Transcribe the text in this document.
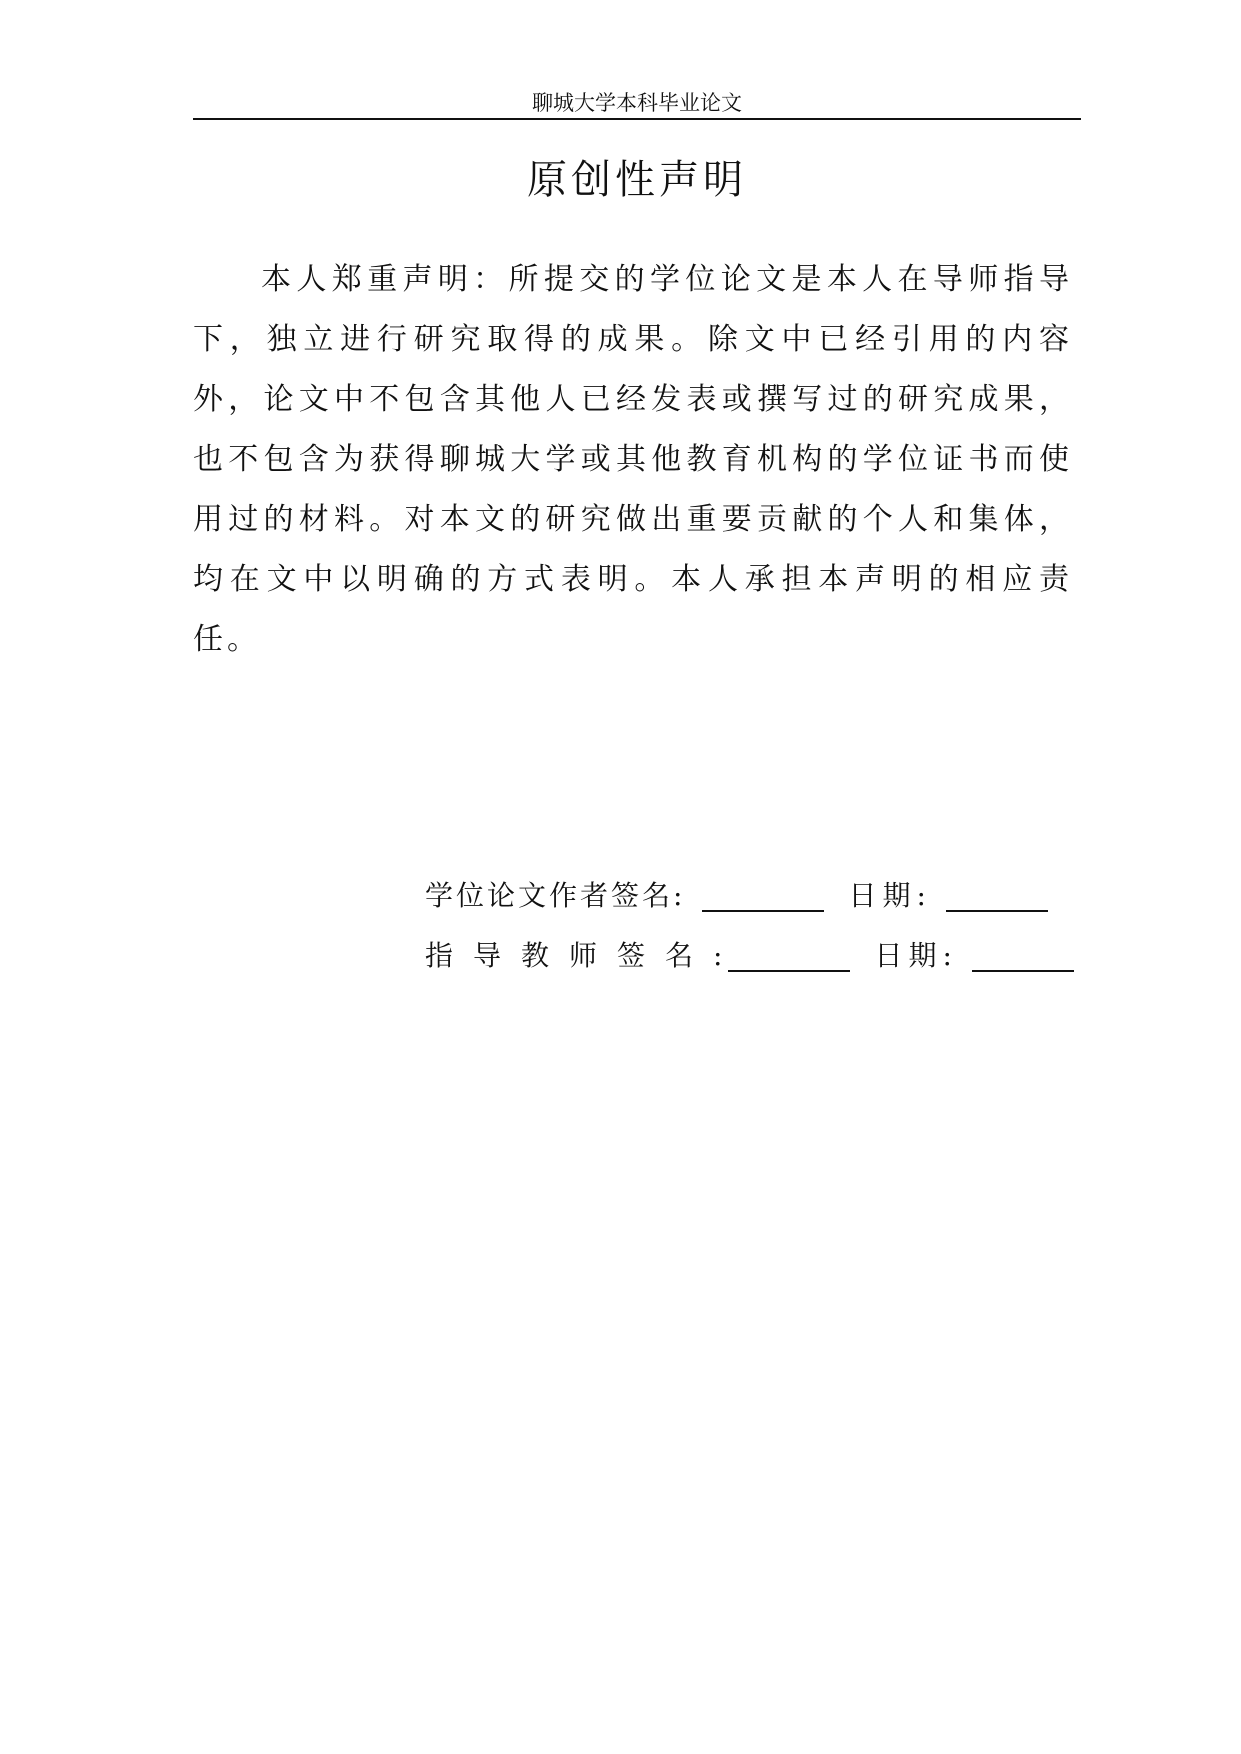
聊城大学本科毕业论文
原创性声明

本人郑重声明：所提交的学位论文是本人在导师指导下，独立进行研究取得的成果。除文中已经引用的内容外，论文中不包含其他人已经发表或撰写过的研究成果，也不包含为获得聊城大学或其他教育机构的学位证书而使用过的材料。对本文的研究做出重要贡献的个人和集体，均在文中以明确的方式表明。本人承担本声明的相应责任。

学位论文作者签名 :	日期 :
指导教师签名 :	日期 :
